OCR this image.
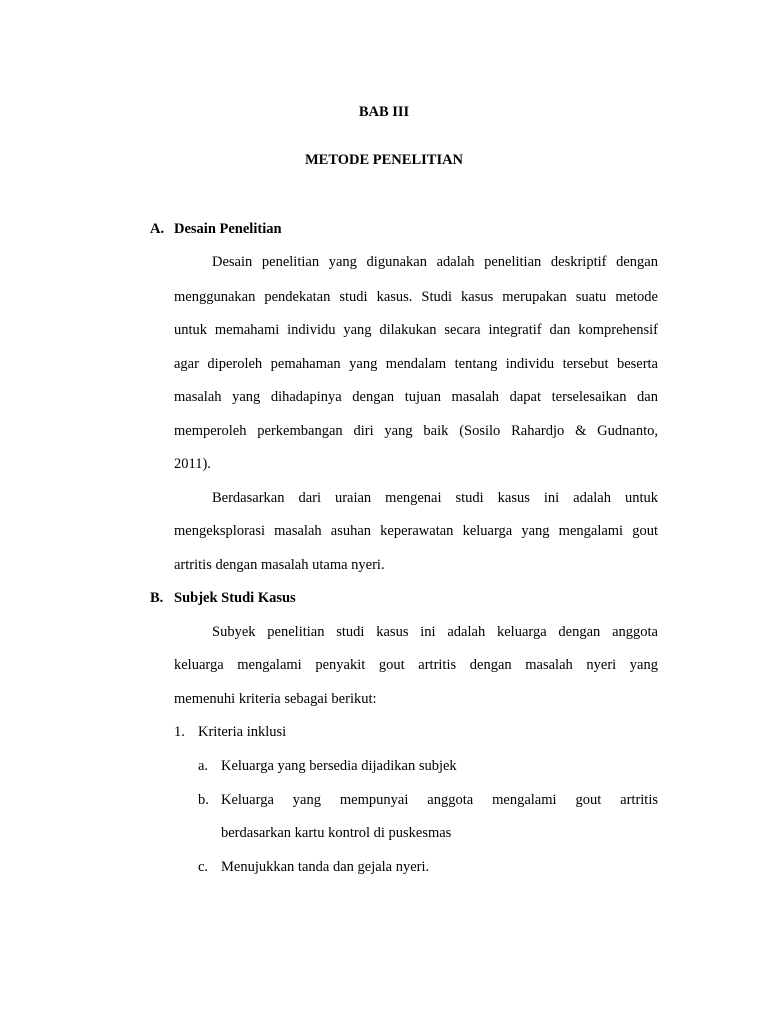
BAB III
METODE PENELITIAN
A. Desain Penelitian
Desain penelitian yang digunakan adalah penelitian deskriptif dengan
menggunakan pendekatan studi kasus. Studi kasus merupakan suatu metode
untuk memahami individu yang dilakukan secara integratif dan komprehensif
agar diperoleh pemahaman yang mendalam tentang individu tersebut beserta
masalah yang dihadapinya dengan tujuan masalah dapat terselesaikan dan
memperoleh perkembangan diri yang baik (Sosilo Rahardjo & Gudnanto,
2011).
Berdasarkan dari uraian mengenai studi kasus ini adalah untuk
mengeksplorasi masalah asuhan keperawatan keluarga yang mengalami gout
artritis dengan masalah utama nyeri.
B. Subjek Studi Kasus
Subyek penelitian studi kasus ini adalah keluarga dengan anggota
keluarga mengalami penyakit gout artritis dengan masalah nyeri yang
memenuhi kriteria sebagai berikut:
1. Kriteria inklusi
a. Keluarga yang bersedia dijadikan subjek
b. Keluarga yang mempunyai anggota mengalami gout artritis
berdasarkan kartu kontrol di puskesmas
c. Menujukkan tanda dan gejala nyeri.
